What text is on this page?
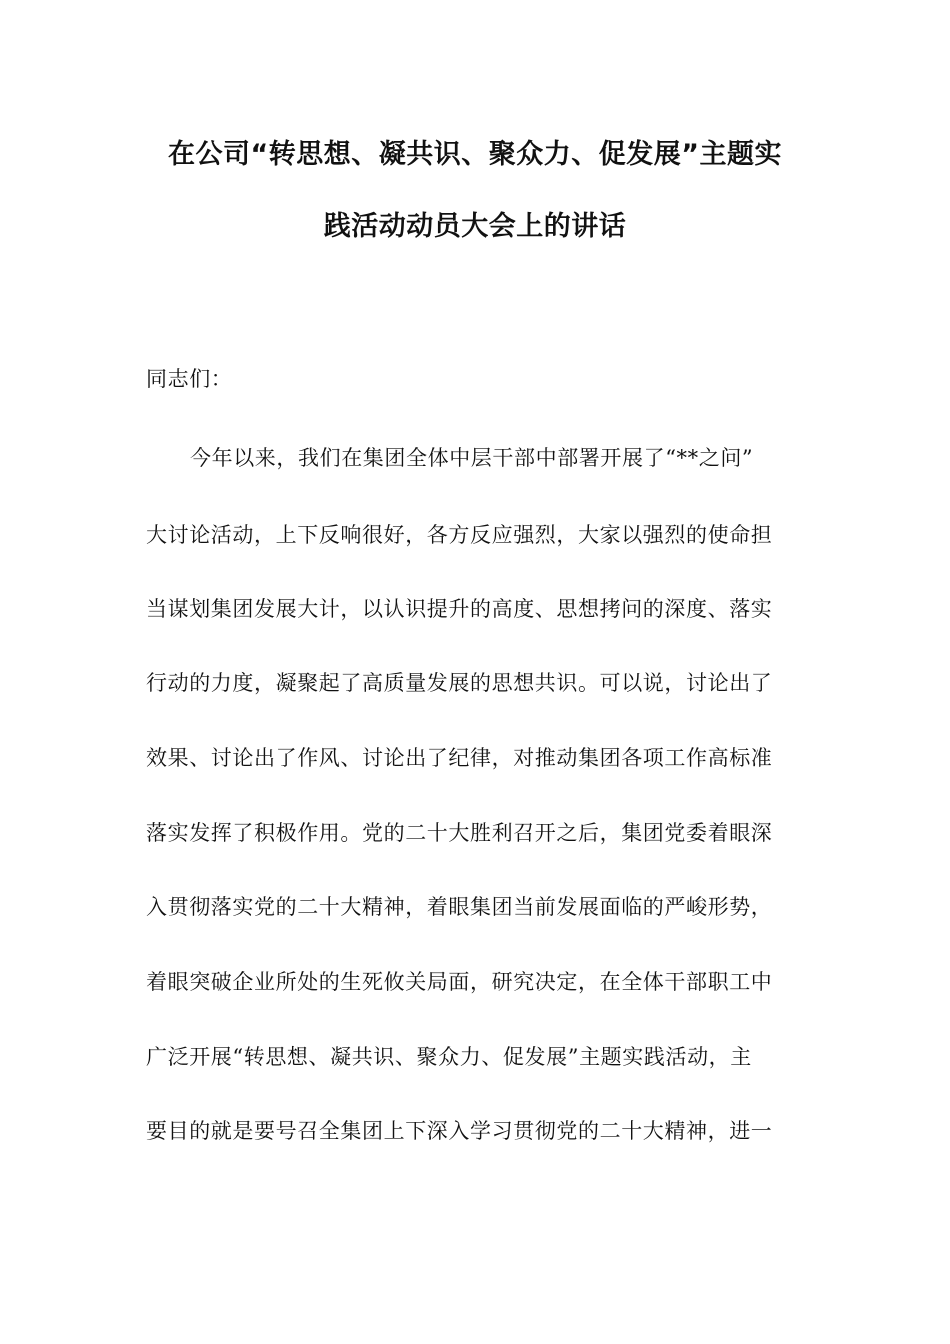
在公司“转思想、凝共识、聚众力、促发展”主题实
践活动动员大会上的讲话
同志们：
今年以来，我们在集团全体中层干部中部署开展了“**之问”
大讨论活动，上下反响很好，各方反应强烈，大家以强烈的使命担
当谋划集团发展大计，以认识提升的高度、思想拷问的深度、落实
行动的力度，凝聚起了高质量发展的思想共识。可以说，讨论出了
效果、讨论出了作风、讨论出了纪律，对推动集团各项工作高标准
落实发挥了积极作用。党的二十大胜利召开之后，集团党委着眼深
入贯彻落实党的二十大精神，着眼集团当前发展面临的严峻形势，
着眼突破企业所处的生死攸关局面，研究决定，在全体干部职工中
广泛开展“转思想、凝共识、聚众力、促发展”主题实践活动，主
要目的就是要号召全集团上下深入学习贯彻党的二十大精神，进一
